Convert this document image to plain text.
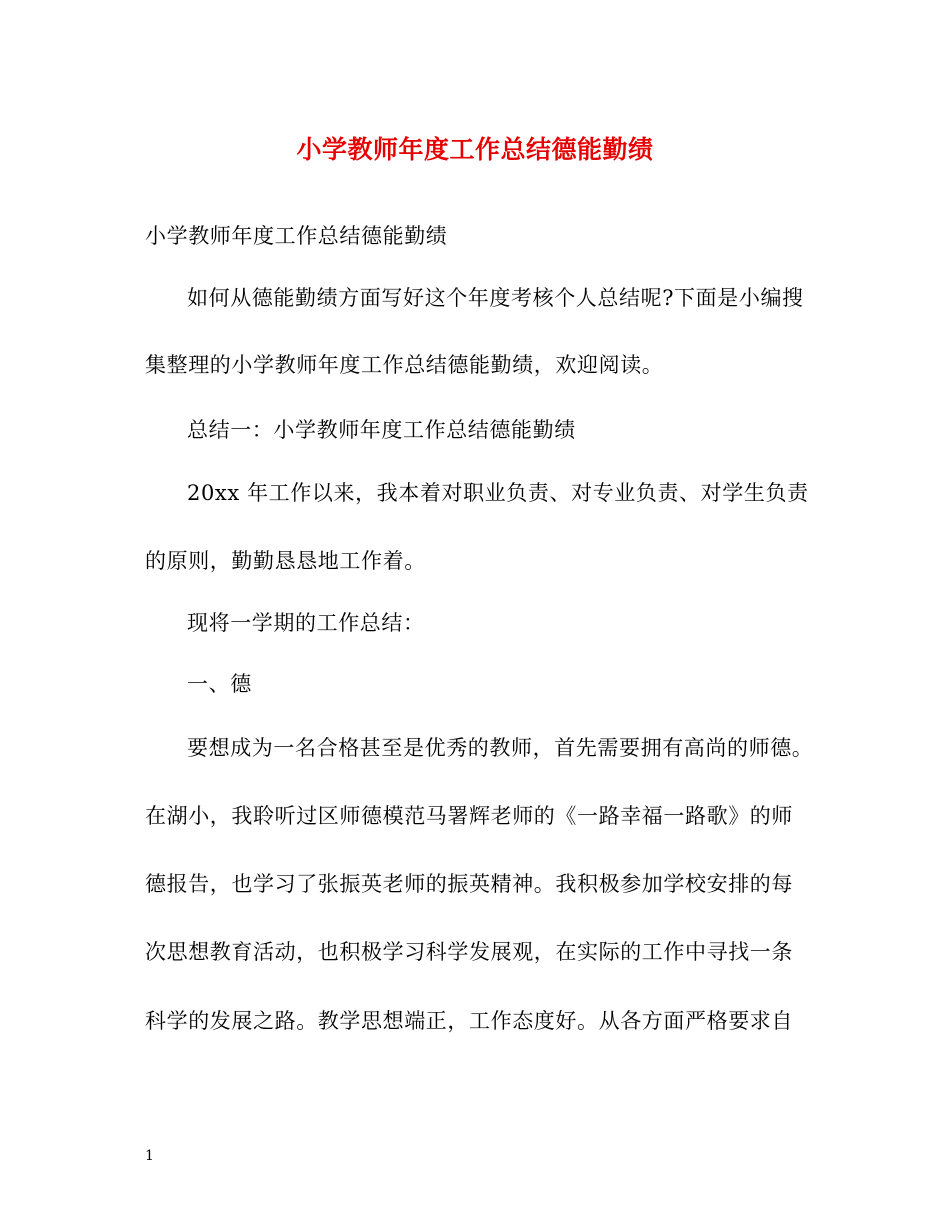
小学教师年度工作总结德能勤绩
小学教师年度工作总结德能勤绩
如何从德能勤绩方面写好这个年度考核个人总结呢?下面是小编搜
集整理的小学教师年度工作总结德能勤绩，欢迎阅读。
总结一：小学教师年度工作总结德能勤绩
20xx 年工作以来，我本着对职业负责、对专业负责、对学生负责
的原则，勤勤恳恳地工作着。
现将一学期的工作总结：
一、德
要想成为一名合格甚至是优秀的教师，首先需要拥有高尚的师德。
在湖小，我聆听过区师德模范马署辉老师的《一路幸福一路歌》的师
德报告，也学习了张振英老师的振英精神。我积极参加学校安排的每
次思想教育活动，也积极学习科学发展观，在实际的工作中寻找一条
科学的发展之路。教学思想端正，工作态度好。从各方面严格要求自
1
